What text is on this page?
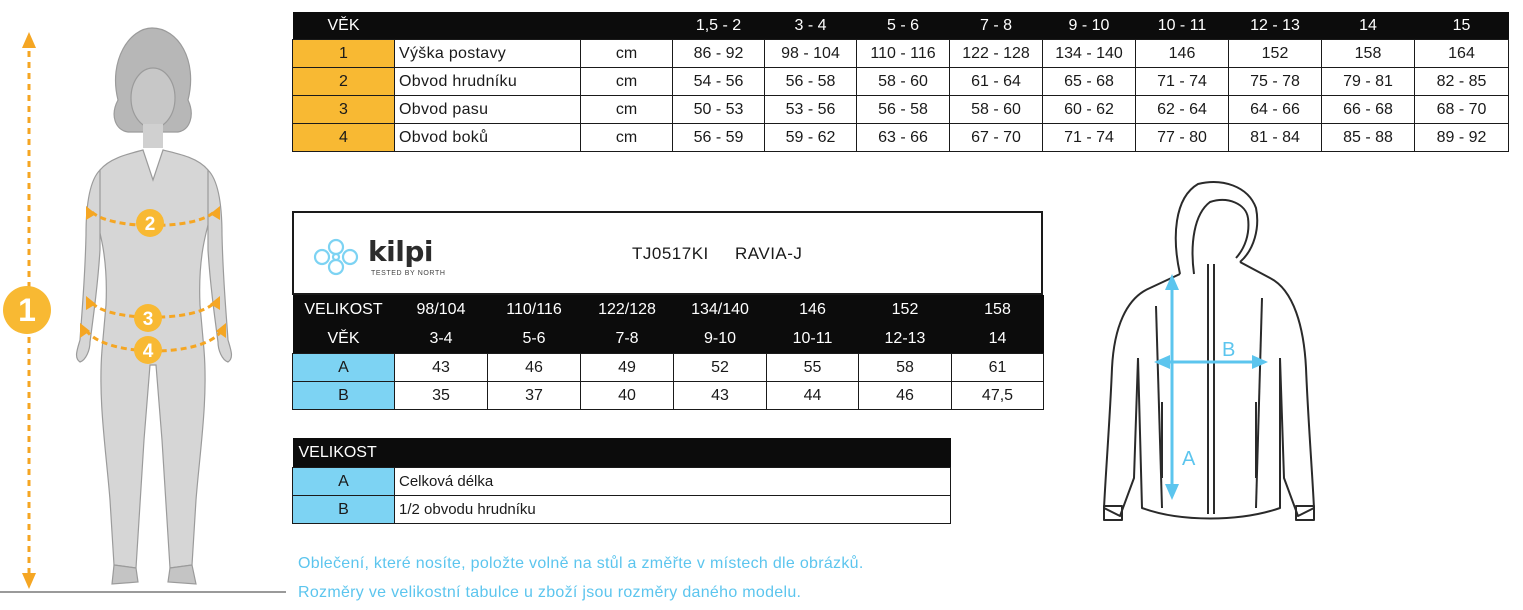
1
2
3
4
VĚK			1,5 - 2	3 - 4	5 - 6	7 - 8	9 - 10	10 - 11	12 - 13	14	15
1	Výška postavy	cm	86 - 92	98 - 104	110 - 116	122 - 128	134 - 140	146	152	158	164
2	Obvod hrudníku	cm	54 - 56	56 - 58	58 - 60	61 - 64	65 - 68	71 - 74	75 - 78	79 - 81	82 - 85
3	Obvod pasu	cm	50 - 53	53 - 56	56 - 58	58 - 60	60 - 62	62 - 64	64 - 66	66 - 68	68 - 70
4	Obvod boků	cm	56 - 59	59 - 62	63 - 66	67 - 70	71 - 74	77 - 80	81 - 84	85 - 88	89 - 92
kilpi
TESTED BY NORTH
TJ0517KI RAVIA-J
VELIKOST	98/104	110/116	122/128	134/140	146	152	158
VĚK	3-4	5-6	7-8	9-10	10-11	12-13	14
A	43	46	49	52	55	58	61
B	35	37	40	43	44	46	47,5
VELIKOST	
A	Celková délka
B	1/2 obvodu hrudníku
A
B
Oblečení, které nosíte, položte volně na stůl a změřte v místech dle obrázků.
Rozměry ve velikostní tabulce u zboží jsou rozměry daného modelu.
